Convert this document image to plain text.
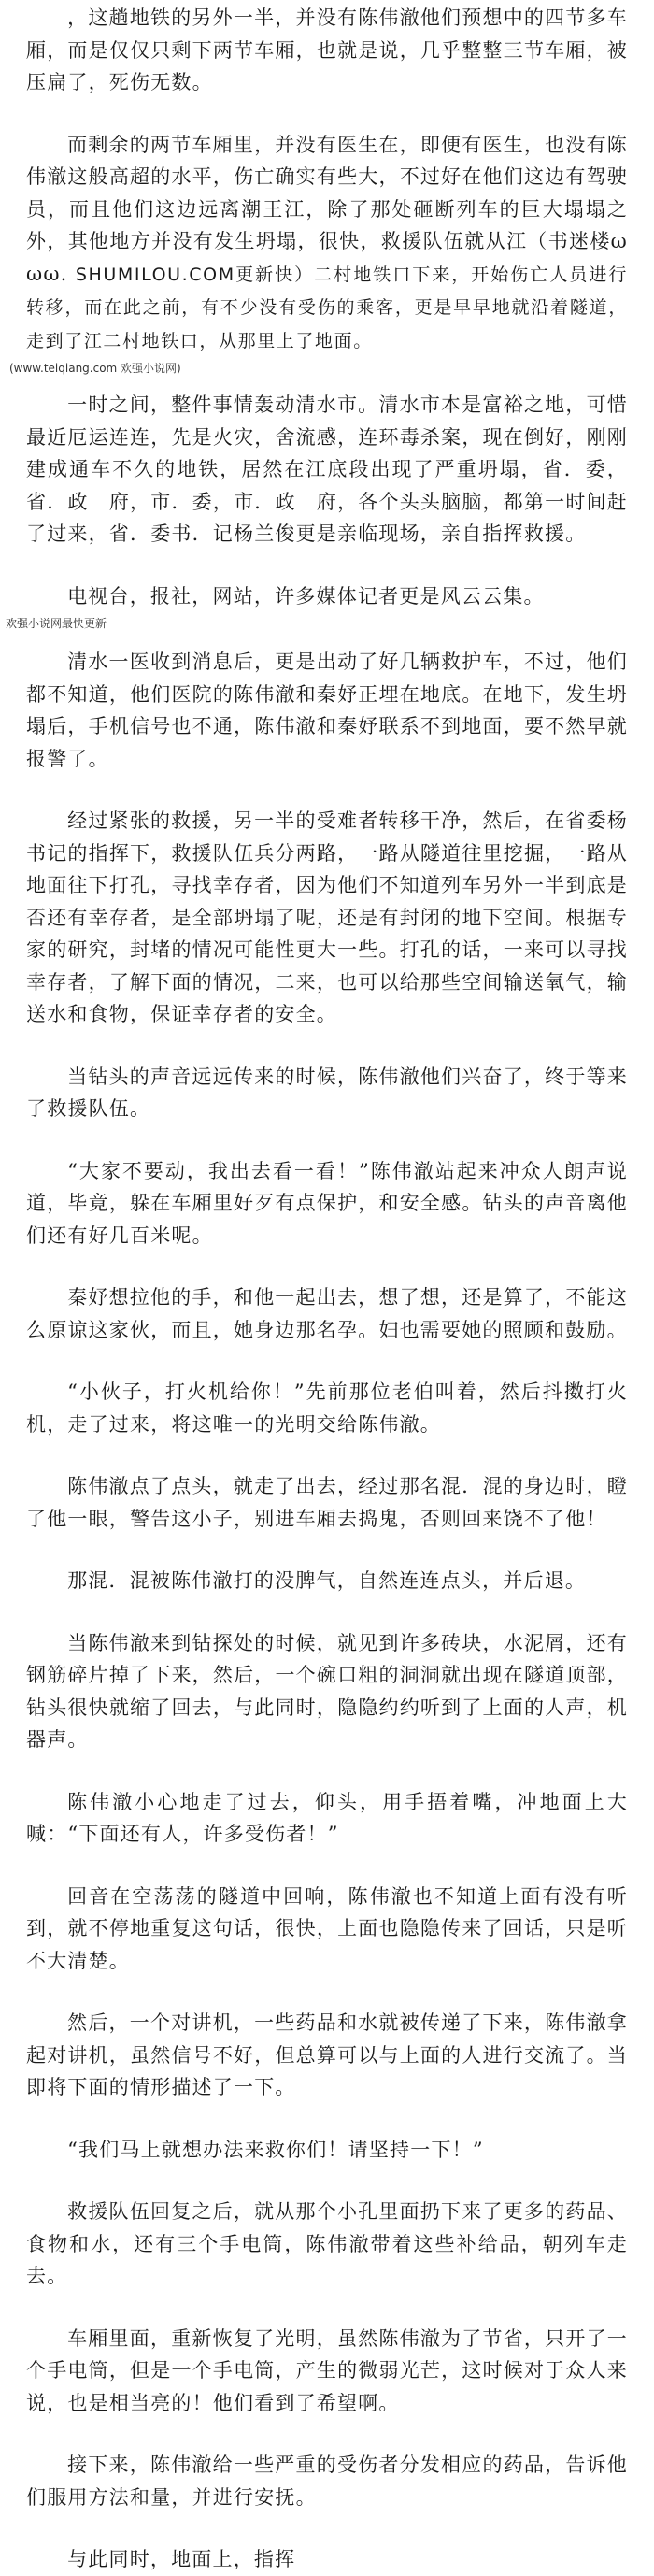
，这趟地铁的另外一半，并没有陈伟澈他们预想中的四节多车厢，而是仅仅只剩下两节车厢，也就是说，几乎整整三节车厢，被压扁了，死伤无数。

而剩余的两节车厢里，并没有医生在，即便有医生，也没有陈伟澈这般高超的水平，伤亡确实有些大，不过好在他们这边有驾驶员，而且他们这边远离潮王江，除了那处砸断列车的巨大塌塌之外，其他地方并没有发生坍塌，很快，救援队伍就从江（书迷楼ωωω. SHUMILOU.COM更新快）二村地铁口下来，开始伤亡人员进行转移，而在此之前，有不少没有受伤的乘客，更是早早地就沿着隧道，走到了江二村地铁口，从那里上了地面。

(www.teiqiang.com 欢强小说网)

一时之间，整件事情轰动清水市。清水市本是富裕之地，可惜最近厄运连连，先是火灾，舍流感，连环毒杀案，现在倒好，刚刚建成通车不久的地铁，居然在江底段出现了严重坍塌，省．委，省．政　府，市．委，市．政　府，各个头头脑脑，都第一时间赶了过来，省．委书．记杨兰俊更是亲临现场，亲自指挥救援。

电视台，报社，网站，许多媒体记者更是风云云集。

欢强小说网最快更新

清水一医收到消息后，更是出动了好几辆救护车，不过，他们都不知道，他们医院的陈伟澈和秦妤正埋在地底。在地下，发生坍塌后，手机信号也不通，陈伟澈和秦妤联系不到地面，要不然早就报警了。

经过紧张的救援，另一半的受难者转移干净，然后，在省委杨书记的指挥下，救援队伍兵分两路，一路从隧道往里挖掘，一路从地面往下打孔，寻找幸存者，因为他们不知道列车另外一半到底是否还有幸存者，是全部坍塌了呢，还是有封闭的地下空间。根据专家的研究，封堵的情况可能性更大一些。打孔的话，一来可以寻找幸存者，了解下面的情况，二来，也可以给那些空间输送氧气，输送水和食物，保证幸存者的安全。

当钻头的声音远远传来的时候，陈伟澈他们兴奋了，终于等来了救援队伍。

“大家不要动，我出去看一看！”陈伟澈站起来冲众人朗声说道，毕竟，躲在车厢里好歹有点保护，和安全感。钻头的声音离他们还有好几百米呢。

秦妤想拉他的手，和他一起出去，想了想，还是算了，不能这么原谅这家伙，而且，她身边那名孕。妇也需要她的照顾和鼓励。

“小伙子，打火机给你！”先前那位老伯叫着，然后抖擞打火机，走了过来，将这唯一的光明交给陈伟澈。

陈伟澈点了点头，就走了出去，经过那名混．混的身边时，瞪了他一眼，警告这小子，别进车厢去捣鬼，否则回来饶不了他！

那混．混被陈伟澈打的没脾气，自然连连点头，并后退。

当陈伟澈来到钻探处的时候，就见到许多砖块，水泥屑，还有钢筋碎片掉了下来，然后，一个碗口粗的洞洞就出现在隧道顶部，钻头很快就缩了回去，与此同时，隐隐约约听到了上面的人声，机器声。

陈伟澈小心地走了过去，仰头，用手捂着嘴，冲地面上大喊：“下面还有人，许多受伤者！”

回音在空荡荡的隧道中回响，陈伟澈也不知道上面有没有听到，就不停地重复这句话，很快，上面也隐隐传来了回话，只是听不大清楚。

然后，一个对讲机，一些药品和水就被传递了下来，陈伟澈拿起对讲机，虽然信号不好，但总算可以与上面的人进行交流了。当即将下面的情形描述了一下。

“我们马上就想办法来救你们！请坚持一下！”

救援队伍回复之后，就从那个小孔里面扔下来了更多的药品、食物和水，还有三个手电筒，陈伟澈带着这些补给品，朝列车走去。

车厢里面，重新恢复了光明，虽然陈伟澈为了节省，只开了一个手电筒，但是一个手电筒，产生的微弱光芒，这时候对于众人来说，也是相当亮的！他们看到了希望啊。

接下来，陈伟澈给一些严重的受伤者分发相应的药品，告诉他们服用方法和量，并进行安抚。

与此同时，地面上，指挥
